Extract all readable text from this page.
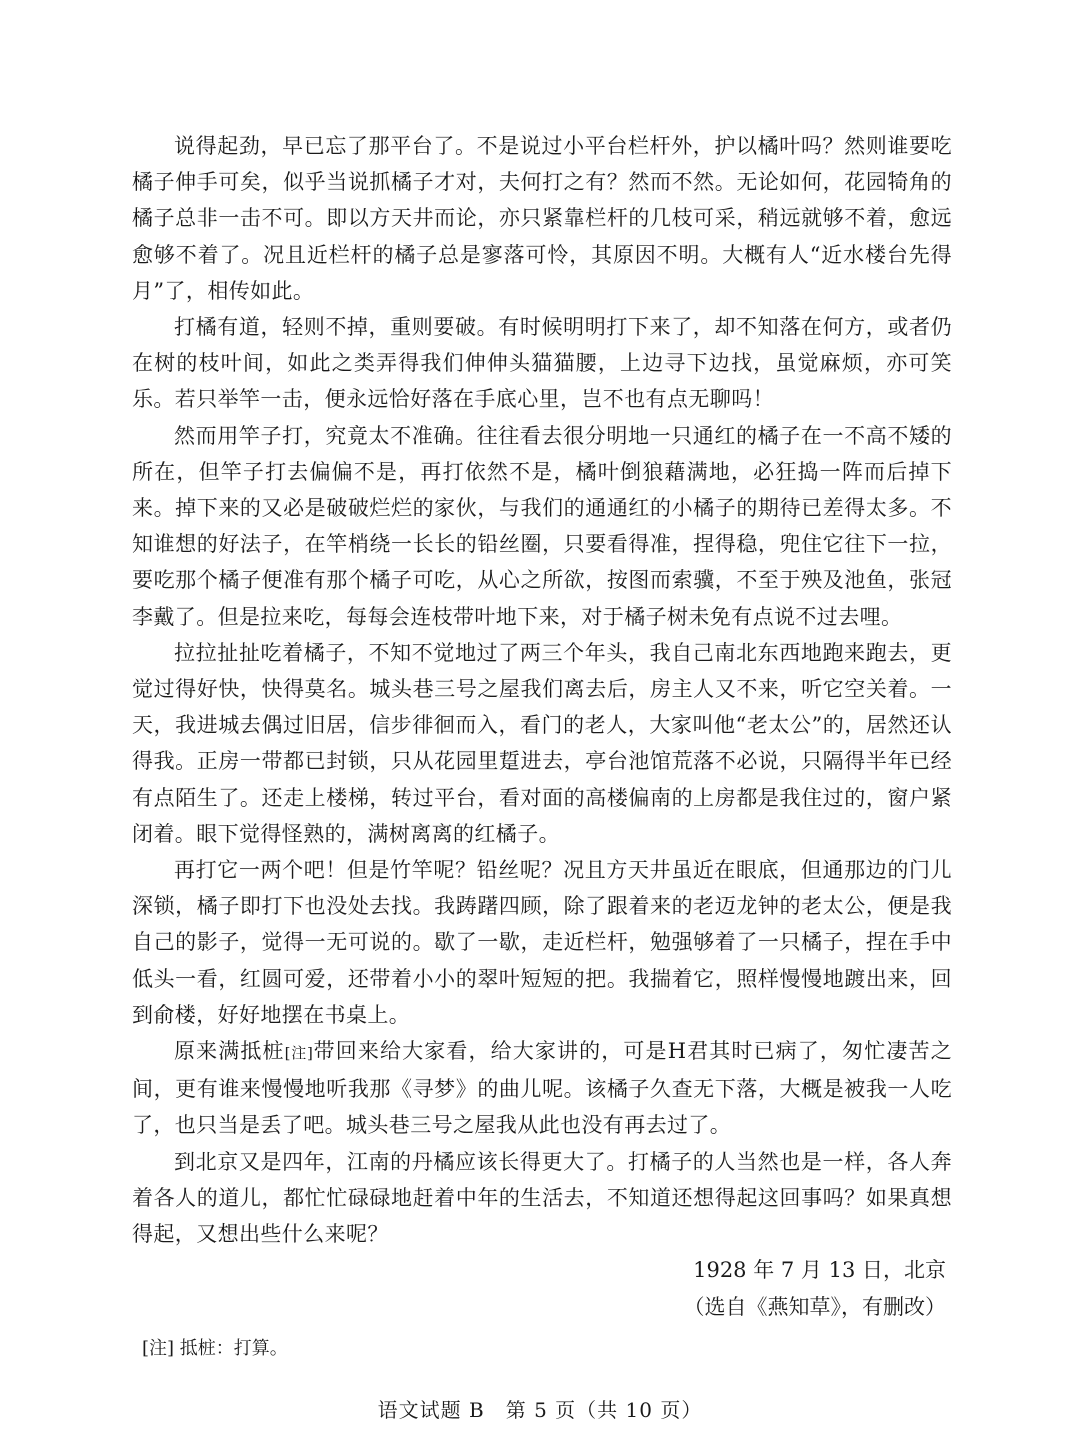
说得起劲，早已忘了那平台了。不是说过小平台栏杆外，护以橘叶吗？然则谁要吃橘子伸手可矣，似乎当说抓橘子才对，夫何打之有？然而不然。无论如何，花园犄角的橘子总非一击不可。即以方天井而论，亦只紧靠栏杆的几枝可采，稍远就够不着，愈远愈够不着了。况且近栏杆的橘子总是寥落可怜，其原因不明。大概有人“近水楼台先得月”了，相传如此。

打橘有道，轻则不掉，重则要破。有时候明明打下来了，却不知落在何方，或者仍在树的枝叶间，如此之类弄得我们伸伸头猫猫腰，上边寻下边找，虽觉麻烦，亦可笑乐。若只举竿一击，便永远恰好落在手底心里，岂不也有点无聊吗！

然而用竿子打，究竟太不准确。往往看去很分明地一只通红的橘子在一不高不矮的所在，但竿子打去偏偏不是，再打依然不是，橘叶倒狼藉满地，必狂捣一阵而后掉下来。掉下来的又必是破破烂烂的家伙，与我们的通通红的小橘子的期待已差得太多。不知谁想的好法子，在竿梢绕一长长的铅丝圈，只要看得准，捏得稳，兜住它往下一拉，要吃那个橘子便准有那个橘子可吃，从心之所欲，按图而索骥，不至于殃及池鱼，张冠李戴了。但是拉来吃，每每会连枝带叶地下来，对于橘子树未免有点说不过去哩。

拉拉扯扯吃着橘子，不知不觉地过了两三个年头，我自己南北东西地跑来跑去，更觉过得好快，快得莫名。城头巷三号之屋我们离去后，房主人又不来，听它空关着。一天，我进城去偶过旧居，信步徘徊而入，看门的老人，大家叫他“老太公”的，居然还认得我。正房一带都已封锁，只从花园里踅进去，亭台池馆荒落不必说，只隔得半年已经有点陌生了。还走上楼梯，转过平台，看对面的高楼偏南的上房都是我住过的，窗户紧闭着。眼下觉得怪熟的，满树离离的红橘子。

再打它一两个吧！但是竹竿呢？铅丝呢？况且方天井虽近在眼底，但通那边的门儿深锁，橘子即打下也没处去找。我踌躇四顾，除了跟着来的老迈龙钟的老太公，便是我自己的影子，觉得一无可说的。歇了一歇，走近栏杆，勉强够着了一只橘子，捏在手中低头一看，红圆可爱，还带着小小的翠叶短短的把。我揣着它，照样慢慢地踱出来，回到俞楼，好好地摆在书桌上。

原来满抵桩[注]带回来给大家看，给大家讲的，可是H君其时已病了，匆忙凄苦之间，更有谁来慢慢地听我那《寻梦》的曲儿呢。该橘子久查无下落，大概是被我一人吃了，也只当是丢了吧。城头巷三号之屋我从此也没有再去过了。

到北京又是四年，江南的丹橘应该长得更大了。打橘子的人当然也是一样，各人奔着各人的道儿，都忙忙碌碌地赶着中年的生活去，不知道还想得起这回事吗？如果真想得起，又想出些什么来呢？

1928 年 7 月 13 日，北京

（选自《燕知草》，有删改）

[注] 抵桩：打算。

语文试题 B　第 5 页（共 10 页）
